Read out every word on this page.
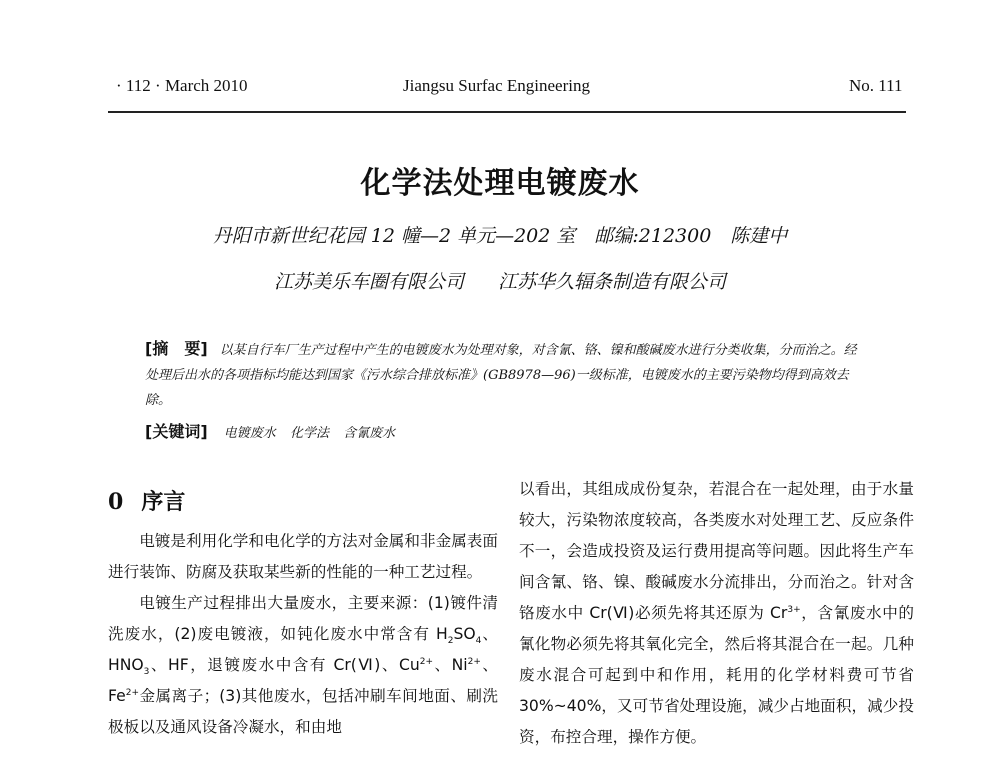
· 112 · March 2010	Jiangsu Surfac Engineering	No. 111
化学法处理电镀废水
丹阳市新世纪花园 12 幢—2 单元—202 室　邮编:212300　陈建中
江苏美乐车圈有限公司 江苏华久辐条制造有限公司
[摘　要] 以某自行车厂生产过程中产生的电镀废水为处理对象，对含氰、铬、镍和酸碱废水进行分类收集，分而治之。经处理后出水的各项指标均能达到国家《污水综合排放标准》(GB8978—96)一级标准，电镀废水的主要污染物均得到高效去除。
[关键词] 电镀废水 化学法 含氰废水
0 序言

电镀是利用化学和电化学的方法对金属和非金属表面进行装饰、防腐及获取某些新的性能的一种工艺过程。

电镀生产过程排出大量废水，主要来源：(1)镀件清洗废水，(2)废电镀液，如钝化废水中常含有 $H_2SO_4$、$HNO_3$、HF，退镀废水中含有 Cr(Ⅵ)、$Cu^{2+}$、$Ni^{2+}$、$Fe^{2+}$金属离子；(3)其他废水，包括冲刷车间地面、刷洗极板以及通风设备冷凝水，和由地

以看出，其组成成份复杂，若混合在一起处理，由于水量较大，污染物浓度较高，各类废水对处理工艺、反应条件不一，会造成投资及运行费用提高等问题。因此将生产车间含氰、铬、镍、酸碱废水分流排出，分而治之。针对含铬废水中 Cr(Ⅵ)必须先将其还原为 $Cr^{3+}$，含氰废水中的氰化物必须先将其氧化完全，然后将其混合在一起。几种废水混合可起到中和作用，耗用的化学材料费可节省 30%~40%，又可节省处理设施，减少占地面积，减少投资，布控合理，操作方便。
